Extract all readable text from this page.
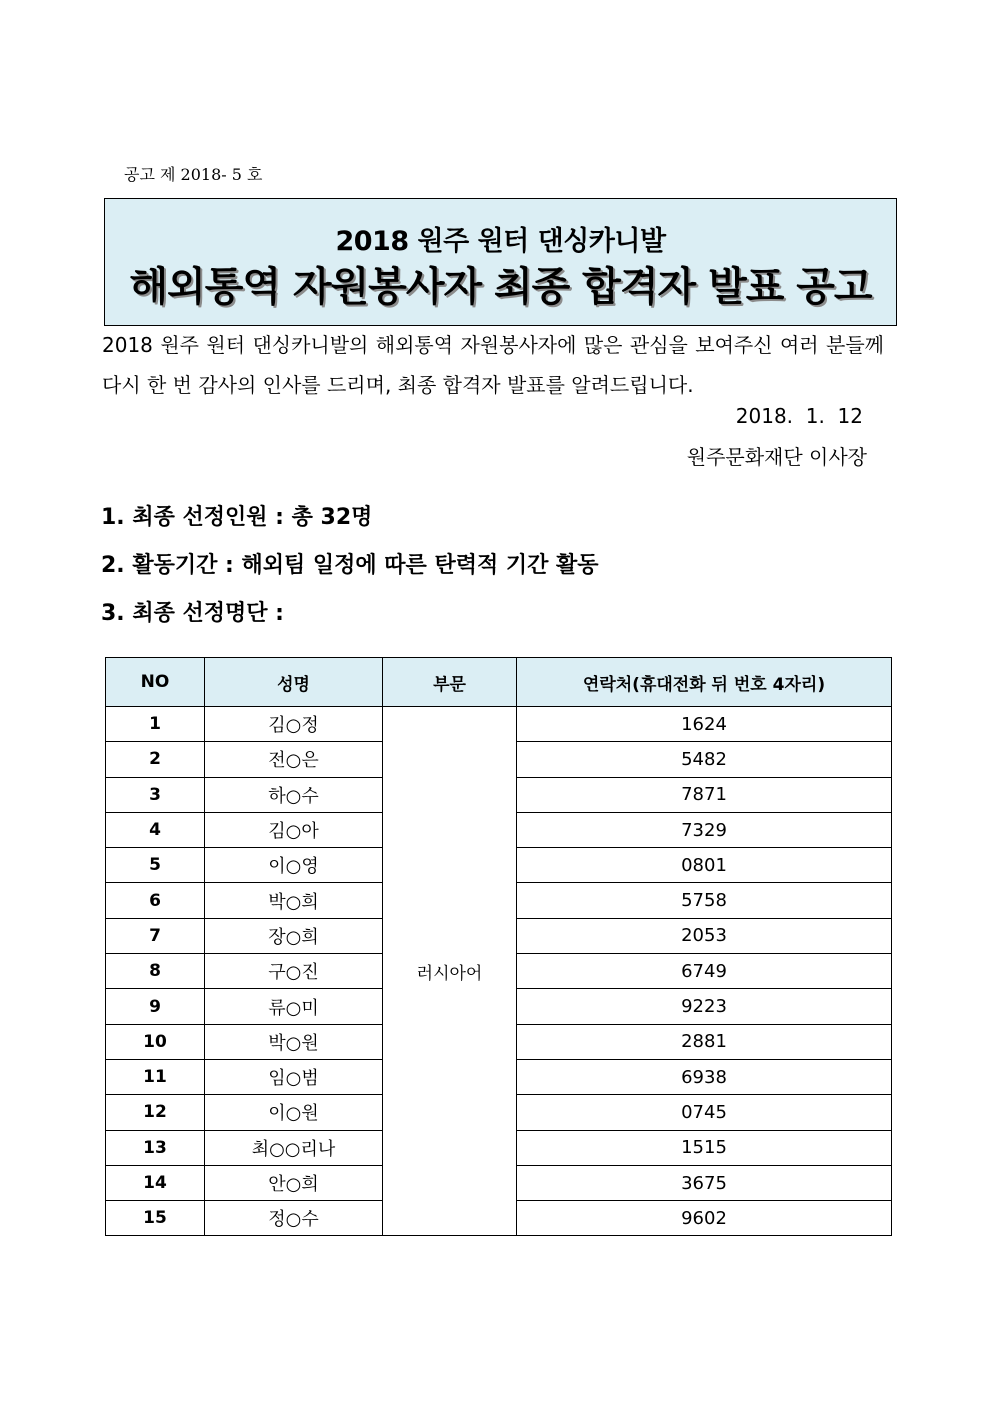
공고 제 2018- 5 호
2018 원주 원터 댄싱카니발
해외통역 자원봉사자 최종 합격자 발표 공고
2018 원주 원터 댄싱카니발의 해외통역 자원봉사자에 많은 관심을 보여주신 여러 분들께 다시 한 번 감사의 인사를 드리며, 최종 합격자 발표를 알려드립니다.
2018.  1.  12
원주문화재단 이사장
1. 최종 선정인원 : 총 32명
2. 활동기간 : 해외팀 일정에 따른 탄력적 기간 활동
3. 최종 선정명단 :
NO	성명	부문	연락처(휴대전화 뒤 번호 4자리)
1	김○정	러시아어	1624
2	전○은		5482
3	하○수		7871
4	김○아		7329
5	이○영		0801
6	박○희		5758
7	장○희		2053
8	구○진		6749
9	류○미		9223
10	박○원		2881
11	임○범		6938
12	이○원		0745
13	최○○리나		1515
14	안○희		3675
15	정○수		9602
